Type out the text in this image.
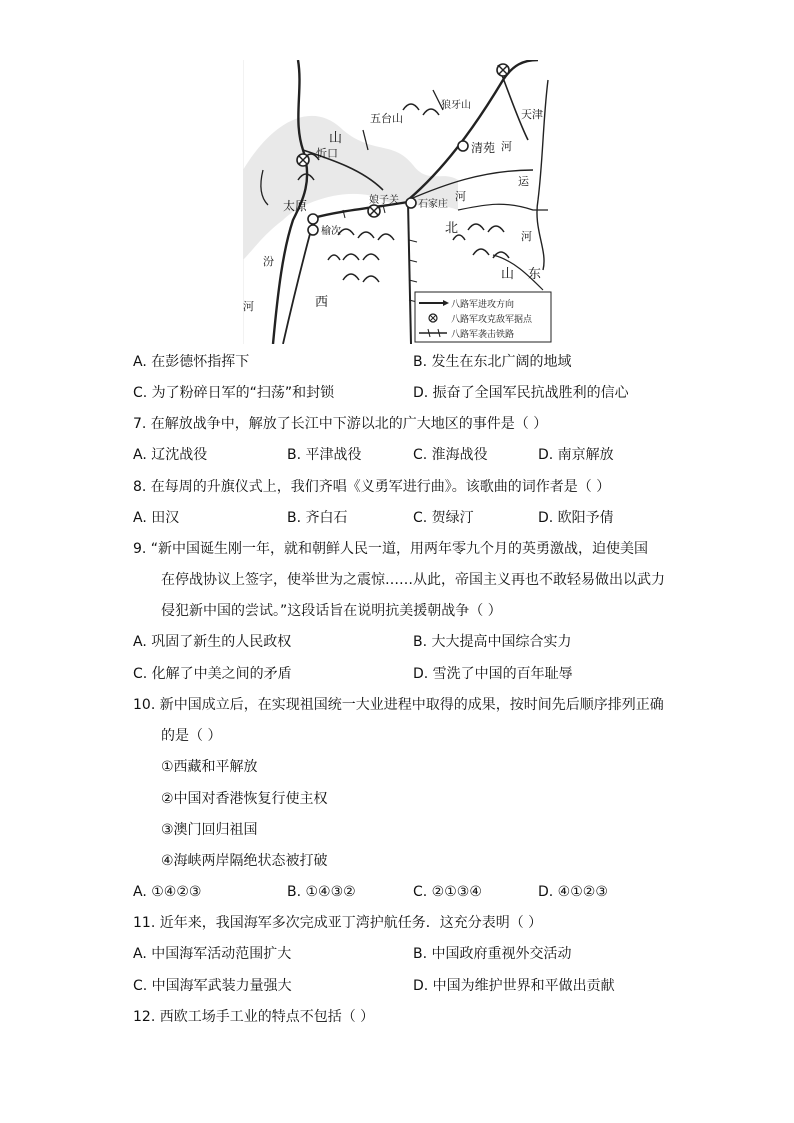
五台山
狼牙山
天津
河
山
忻口	清苑
运
娘子关 石家庄
河
太原
榆次	北
河
汾
山 东
河	西	八路军进攻方向
八路军攻克敌军据点
八路军袭击铁路
A. 在彭德怀指挥下	B. 发生在东北广阔的地域
C. 为了粉碎日军的“扫荡”和封锁	D. 振奋了全国军民抗战胜利的信心
7. 在解放战争中，解放了长江中下游以北的广大地区的事件是（ ）
A. 辽沈战役	B. 平津战役	C. 淮海战役	D. 南京解放
8. 在每周的升旗仪式上，我们齐唱《义勇军进行曲》。该歌曲的词作者是（ ）
A. 田汉	B. 齐白石	C. 贺绿汀	D. 欧阳予倩
9. “新中国诞生刚一年，就和朝鲜人民一道，用两年零九个月的英勇激战，迫使美国
在停战协议上签字，使举世为之震惊……从此，帝国主义再也不敢轻易做出以武力
侵犯新中国的尝试。”这段话旨在说明抗美援朝战争（ ）
A. 巩固了新生的人民政权	B. 大大提高中国综合实力
C. 化解了中美之间的矛盾	D. 雪洗了中国的百年耻辱
10. 新中国成立后，在实现祖国统一大业进程中取得的成果，按时间先后顺序排列正确
的是（ ）
①西藏和平解放
②中国对香港恢复行使主权
③澳门回归祖国
④海峡两岸隔绝状态被打破
A. ①④②③	B. ①④③②	C. ②①③④	D. ④①②③
11. 近年来，我国海军多次完成亚丁湾护航任务．这充分表明（ ）
A. 中国海军活动范围扩大	B. 中国政府重视外交活动
C. 中国海军武装力量强大	D. 中国为维护世界和平做出贡献
12. 西欧工场手工业的特点不包括（ ）
